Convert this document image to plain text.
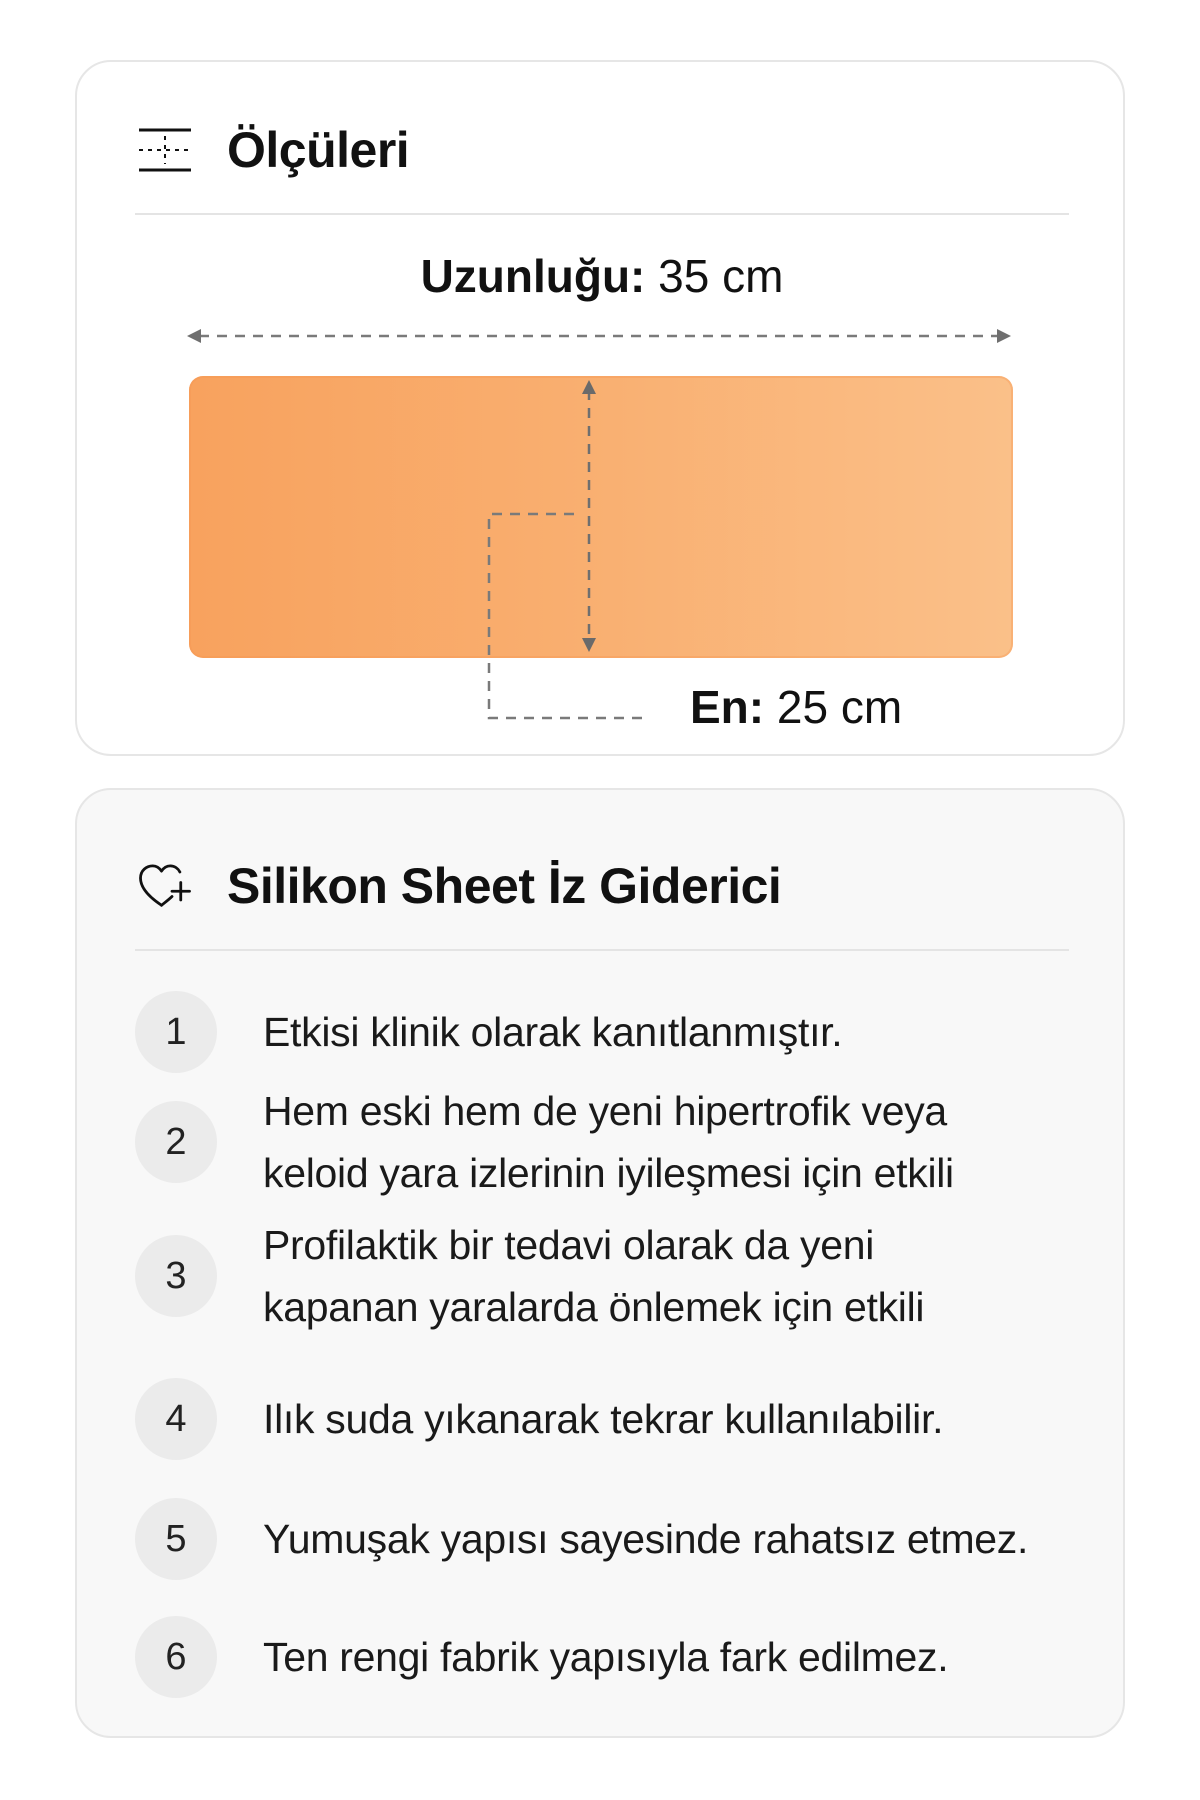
Ölçüleri
Uzunluğu: 35 cm
En: 25 cm
Silikon Sheet İz Giderici
1	Etkisi klinik olarak kanıtlanmıştır.
2
Hem eski hem de yeni hipertrofik veya keloid yara izlerinin iyileşmesi için etkili
3
Profilaktik bir tedavi olarak da yeni kapanan yaralarda önlemek için etkili
4	Ilık suda yıkanarak tekrar kullanılabilir.
5	Yumuşak yapısı sayesinde rahatsız etmez.
6	Ten rengi fabrik yapısıyla fark edilmez.
